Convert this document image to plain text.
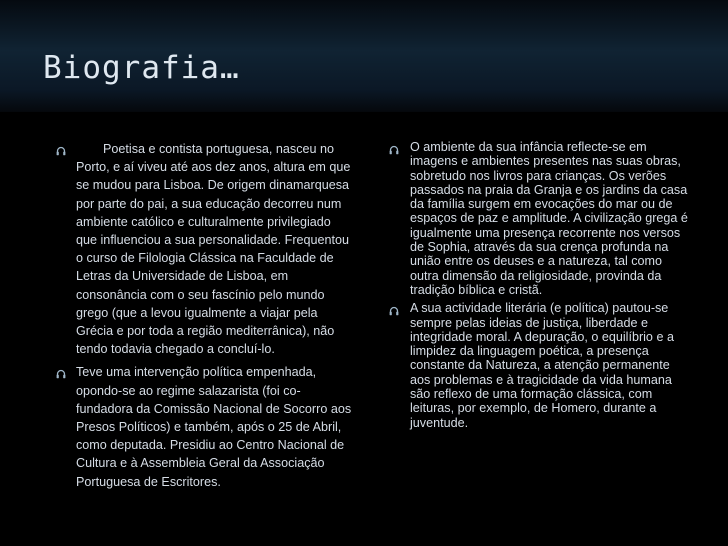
Biografia…
Poetisa e contista portuguesa, nasceu no Porto, e aí viveu até aos dez anos, altura em que se mudou para Lisboa. De origem dinamarquesa por parte do pai, a sua educação decorreu num ambiente católico e culturalmente privilegiado que influenciou a sua personalidade. Frequentou o curso de Filologia Clássica na Faculdade de Letras da Universidade de Lisboa, em consonância com o seu fascínio pelo mundo grego (que a levou igualmente a viajar pela Grécia e por toda a região mediterrânica), não tendo todavia chegado a concluí-lo.
Teve uma intervenção política empenhada, opondo-se ao regime salazarista (foi co-fundadora da Comissão Nacional de Socorro aos Presos Políticos) e também, após o 25 de Abril, como deputada. Presidiu ao Centro Nacional de Cultura e à Assembleia Geral da Associação Portuguesa de Escritores.
O ambiente da sua infância reflecte-se em imagens e ambientes presentes nas suas obras, sobretudo nos livros para crianças. Os verões passados na praia da Granja e os jardins da casa da família surgem em evocações do mar ou de espaços de paz e amplitude. A civilização grega é igualmente uma presença recorrente nos versos de Sophia, através da sua crença profunda na união entre os deuses e a natureza, tal como outra dimensão da religiosidade, provinda da tradição bíblica e cristã.
A sua actividade literária (e política) pautou-se sempre pelas ideias de justiça, liberdade e integridade moral. A depuração, o equilíbrio e a limpidez da linguagem poética, a presença constante da Natureza, a atenção permanente aos problemas e à tragicidade da vida humana são reflexo de uma formação clássica, com leituras, por exemplo, de Homero, durante a juventude.
